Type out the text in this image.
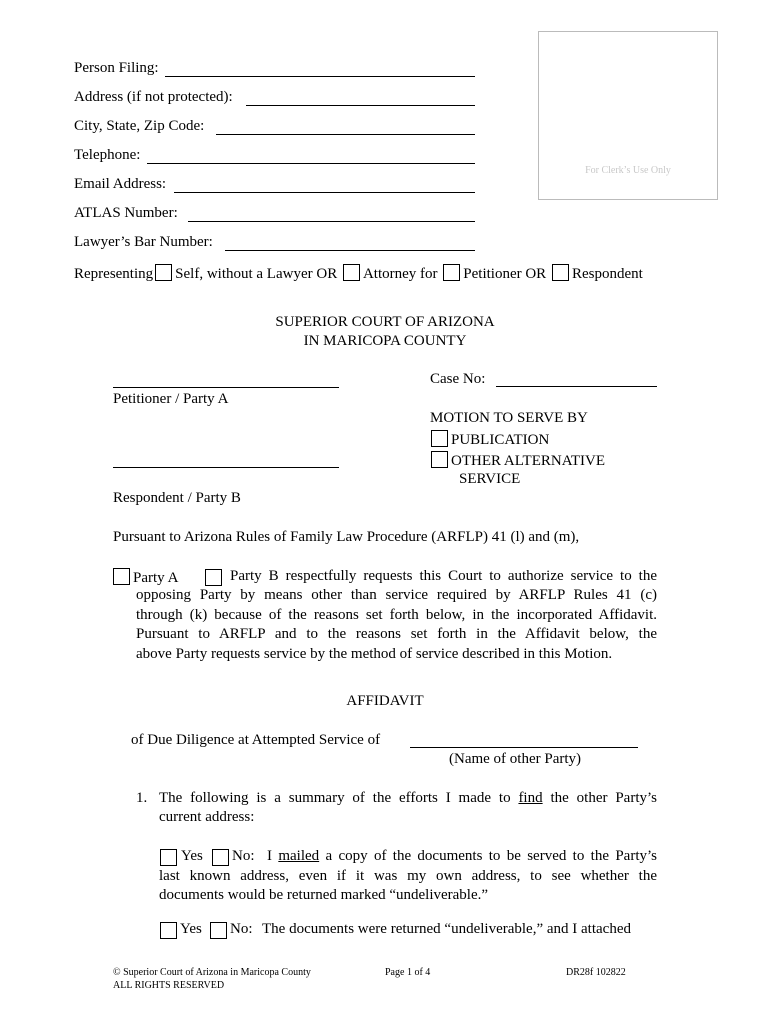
For Clerk’s Use Only
Person Filing:
Address (if not protected):
City, State, Zip Code:
Telephone:
Email Address:
ATLAS Number:
Lawyer’s Bar Number:
Representing Self, without a Lawyer OR Attorney for Petitioner OR Respondent
SUPERIOR COURT OF ARIZONA
IN MARICOPA COUNTY
Petitioner / Party A
Respondent / Party B
Case No:
MOTION TO SERVE BY
PUBLICATION
OTHER ALTERNATIVE
SERVICE
Pursuant to Arizona Rules of Family Law Procedure (ARFLP) 41 (l) and (m),
Party A	Party B respectfully requests this Court to authorize service to the
opposing Party by means other than service required by ARFLP Rules 41 (c)
through (k) because of the reasons set forth below, in the incorporated Affidavit.
Pursuant to ARFLP and to the reasons set forth in the Affidavit below, the
above Party requests service by the method of service described in this Motion.
AFFIDAVIT
of Due Diligence at Attempted Service of
(Name of other Party)
1. The following is a summary of the efforts I made to find the other Party’s
current address:
Yes No: I mailed a copy of the documents to be served to the Party’s
last known address, even if it was my own address, to see whether the
documents would be returned marked “undeliverable.”
Yes No: The documents were returned “undeliverable,” and I attached
© Superior Court of Arizona in Maricopa County
ALL RIGHTS RESERVED
Page 1 of 4	DR28f 102822
